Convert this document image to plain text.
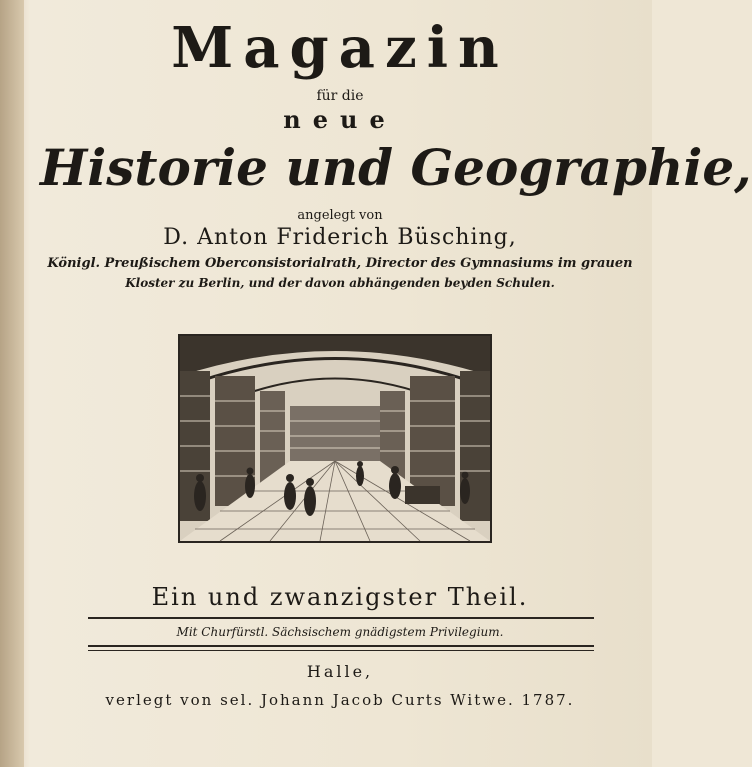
Magazin
für die
neue
Historie und Geographie,
angelegt von
D. Anton Friderich Büsching,
Königl. Preußischem Oberconsistorialrath, Director des Gymnasiums im grauen
Kloster zu Berlin, und der davon abhängenden beyden Schulen.
Ein und zwanzigster Theil.
Mit Churfürstl. Sächsischem gnädigstem Privilegium.
Halle,
verlegt von sel. Johann Jacob Curts Witwe. 1787.
